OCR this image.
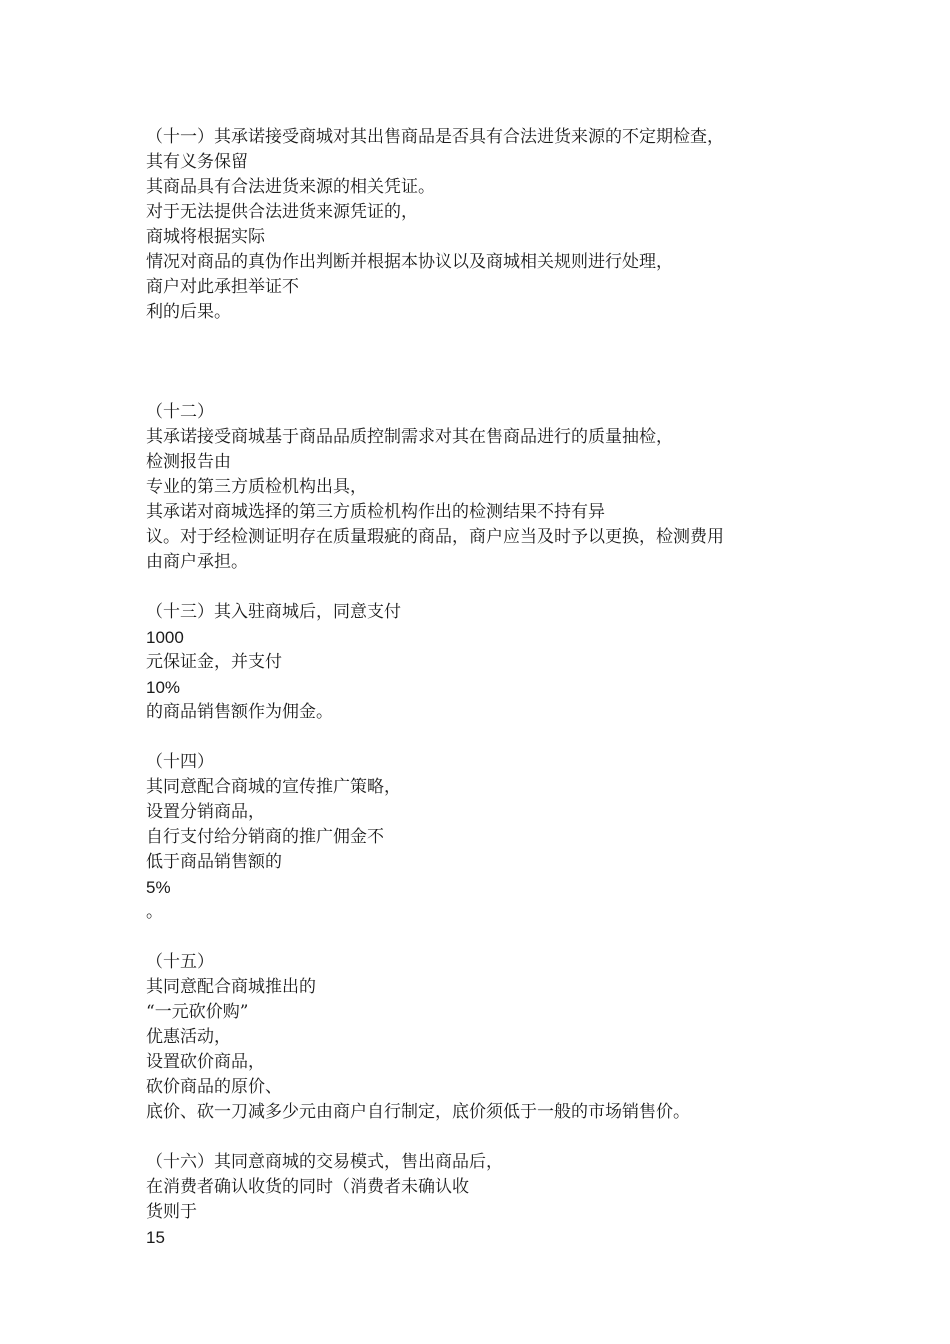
（十一）其承诺接受商城对其出售商品是否具有合法进货来源的不定期检查，
其有义务保留
其商品具有合法进货来源的相关凭证。
对于无法提供合法进货来源凭证的，
商城将根据实际
情况对商品的真伪作出判断并根据本协议以及商城相关规则进行处理，
商户对此承担举证不
利的后果。
（十二）
其承诺接受商城基于商品品质控制需求对其在售商品进行的质量抽检，
检测报告由
专业的第三方质检机构出具，
其承诺对商城选择的第三方质检机构作出的检测结果不持有异
议。对于经检测证明存在质量瑕疵的商品，商户应当及时予以更换，检测费用
由商户承担。
（十三）其入驻商城后，同意支付
1000
元保证金，并支付
10%
的商品销售额作为佣金。
（十四）
其同意配合商城的宣传推广策略，
设置分销商品，
自行支付给分销商的推广佣金不
低于商品销售额的
5%
。
（十五）
其同意配合商城推出的
“一元砍价购”
优惠活动，
设置砍价商品，
砍价商品的原价、
底价、砍一刀减多少元由商户自行制定，底价须低于一般的市场销售价。
（十六）其同意商城的交易模式，售出商品后，
在消费者确认收货的同时（消费者未确认收
货则于
15
